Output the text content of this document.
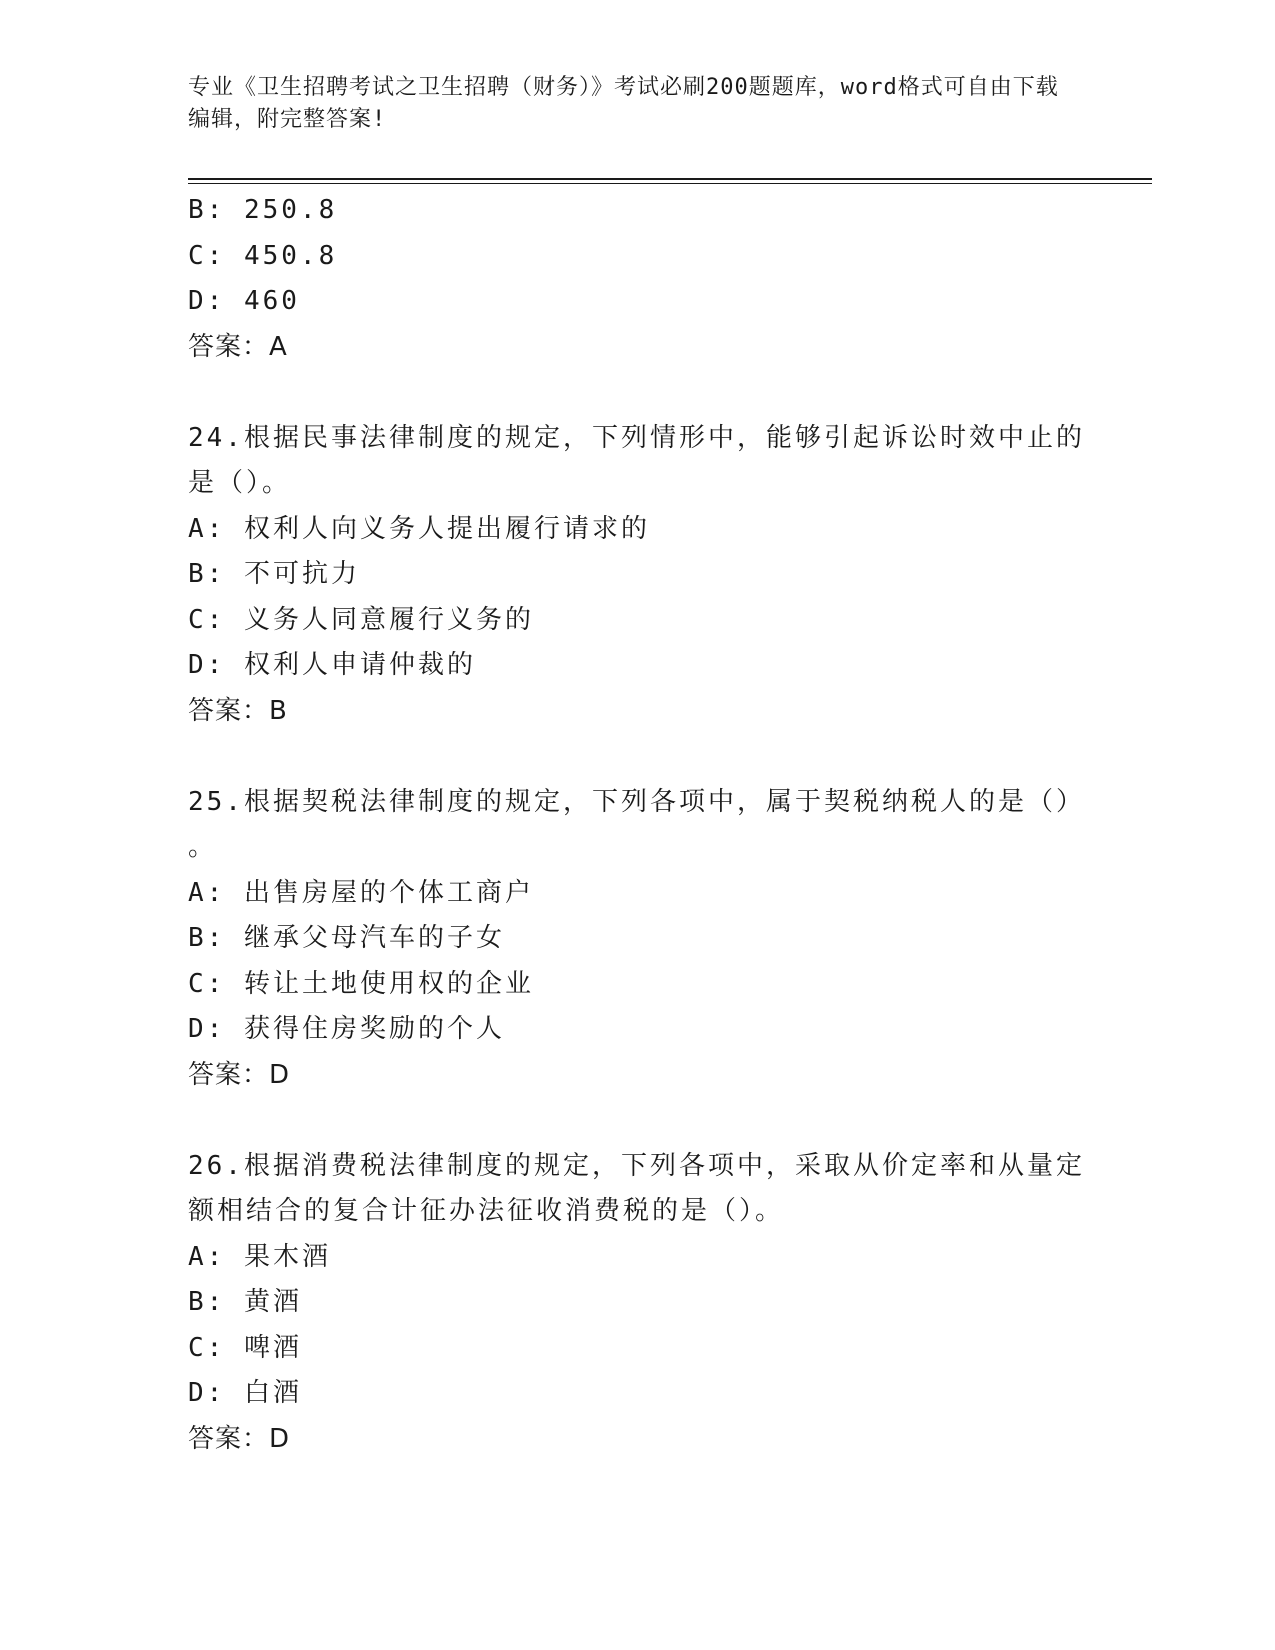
专业《卫生招聘考试之卫生招聘（财务）》考试必刷200题题库，word格式可自由下载编辑，附完整答案!
B: 250.8
C: 450.8
D: 460
答案：A
24.根据民事法律制度的规定，下列情形中，能够引起诉讼时效中止的
是（）。
A: 权利人向义务人提出履行请求的
B: 不可抗力
C: 义务人同意履行义务的
D: 权利人申请仲裁的
答案：B
25.根据契税法律制度的规定，下列各项中，属于契税纳税人的是（）
。
A: 出售房屋的个体工商户
B: 继承父母汽车的子女
C: 转让土地使用权的企业
D: 获得住房奖励的个人
答案：D
26.根据消费税法律制度的规定，下列各项中，采取从价定率和从量定
额相结合的复合计征办法征收消费税的是（）。
A: 果木酒
B: 黄酒
C: 啤酒
D: 白酒
答案：D
